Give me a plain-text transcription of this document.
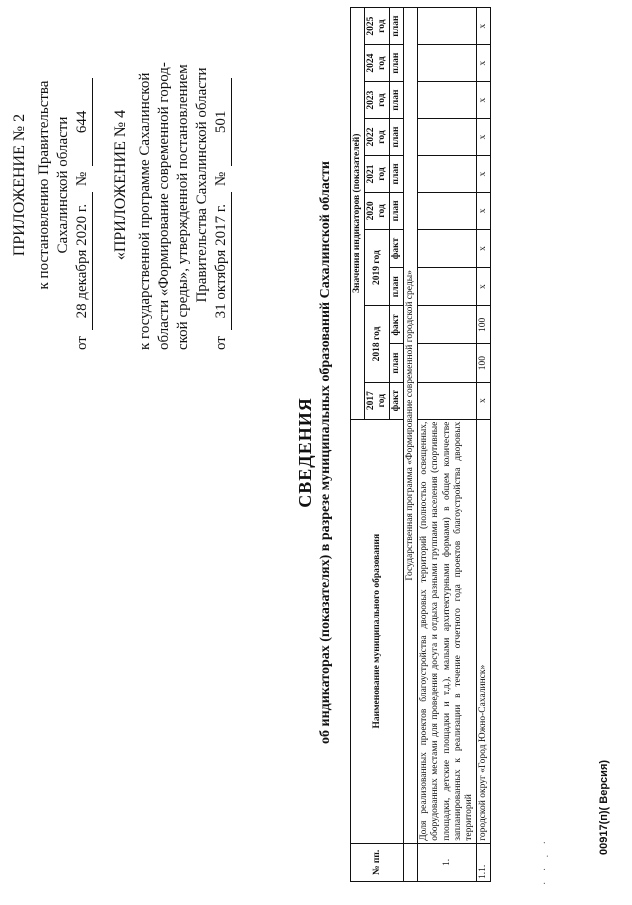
ПРИЛОЖЕНИЕ № 2 к постановлению Правительства Сахалинской области
от
28 декабря 2020 г.
№
644 «ПРИЛОЖЕНИЕ № 4 к государственной программе Сахалинской области «Формирование современной город- ской среды», утвержденной постановлением Правительства Сахалинской области
от
31 октября 2017 г.
№
501
СВЕДЕНИЯ об индикаторах (показателях) в разрезе муниципальных образований Сахалинской области
№ пп.	Наименование муниципального образования	Значения индикаторов (показателей)										
		2017 год	2018 год		2019 год		2020 год	2021 год	2022 год	2023 год	2024 год	2025 год
		факт	план	факт	план	факт	план	план	план	план	план	план
	Государственная программа «Формирование современной городской среды»											
1.	Доля реализованных проектов благоустройства дворовых территорий (полностью освещенных, оборудованных местами для проведения досуга и отдыха разными группами населения (спортивные площадки, детские площадки и т.д.), малыми архитектурными формами) в общем количестве запланированных к реализации в течение отчетного года проектов благоустройства дворовых территорий											
1.1.	городской округ «Город Южно-Сахалинск»	x	100	100	x	x	x	x	x	x	x	x
· · . ·
00917(п)( Версия)
